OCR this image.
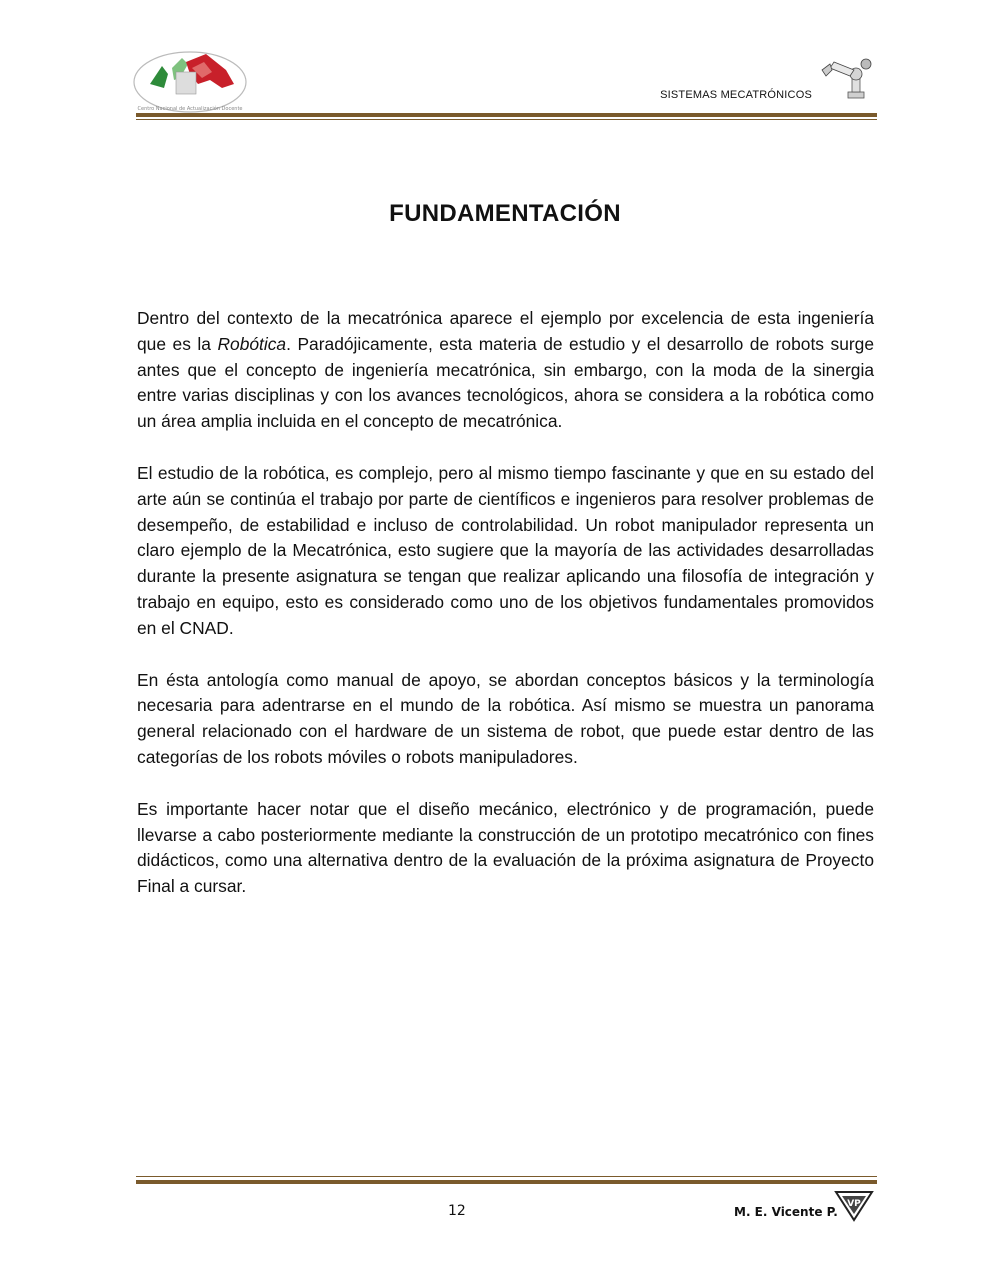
Centro Nacional de Actualización Docente
SISTEMAS MECATRÓNICOS
FUNDAMENTACIÓN

Dentro del contexto de la mecatrónica aparece el ejemplo por excelencia de esta ingeniería que es la Robótica. Paradójicamente, esta materia de estudio y el desarrollo de robots surge antes que el concepto de ingeniería mecatrónica, sin embargo, con la moda de la sinergia entre varias disciplinas y con los avances tecnológicos, ahora se considera a la robótica como un área amplia incluida en el concepto de mecatrónica.

El estudio de la robótica, es complejo, pero al mismo tiempo fascinante y que en su estado del arte aún se continúa el trabajo por parte de científicos e ingenieros para resolver problemas de desempeño, de estabilidad e incluso de controlabilidad. Un robot manipulador representa un claro ejemplo de la Mecatrónica, esto sugiere que la mayoría de las actividades desarrolladas durante la presente asignatura se tengan que realizar aplicando una filosofía de integración y trabajo en equipo, esto es considerado como uno de los objetivos fundamentales promovidos en el CNAD.

En ésta antología como manual de apoyo, se abordan conceptos básicos y la terminología necesaria para adentrarse en el mundo de la robótica. Así mismo se muestra un panorama general relacionado con el hardware de un sistema de robot, que puede estar dentro de las categorías de los robots móviles o robots manipuladores.

Es importante hacer notar que el diseño mecánico, electrónico y de programación, puede llevarse a cabo posteriormente mediante la construcción de un prototipo mecatrónico con fines didácticos, como una alternativa dentro de la evaluación de la próxima asignatura de Proyecto Final a cursar.

12	M. E. Vicente P.
VP
